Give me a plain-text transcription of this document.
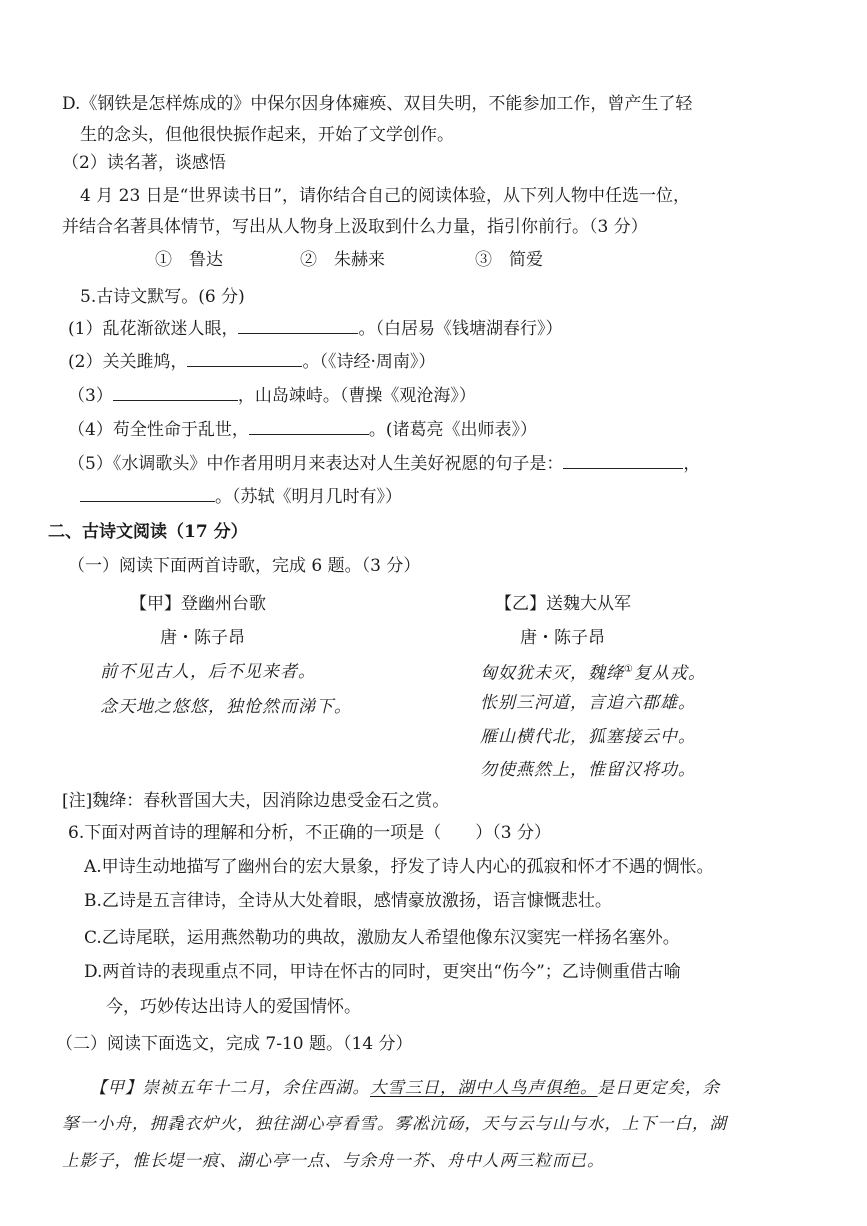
D.《钢铁是怎样炼成的》中保尔因身体瘫痪、双目失明，不能参加工作，曾产生了轻
生的念头，但他很快振作起来，开始了文学创作。
（2）读名著，谈感悟
4 月 23 日是“世界读书日”，请你结合自己的阅读体验，从下列人物中任选一位，
并结合名著具体情节，写出从人物身上汲取到什么力量，指引你前行。（3 分）
①　鲁达	②　朱赫来	③　简爱
5.古诗文默写。(6 分)
(1）乱花渐欲迷人眼，	。（白居易《钱塘湖春行》）
(2）关关雎鸠，	。（《诗经·周南》）
（3）	，山岛竦峙。（曹操《观沧海》）
（4）苟全性命于乱世，	。(诸葛亮《出师表》）
（5）《水调歌头》中作者用明月来表达对人生美好祝愿的句子是：	，
。（苏轼《明月几时有》）
二、古诗文阅读（17 分）
（一）阅读下面两首诗歌，完成 6 题。（3 分）
【甲】登幽州台歌
唐・陈子昂
前不见古人，后不见来者。
念天地之悠悠，独怆然而涕下。
【乙】送魏大从军
唐・陈子昂
匈奴犹未灭，魏绛①复从戎。
怅别三河道，言追六郡雄。
雁山横代北，狐塞接云中。
勿使燕然上，惟留汉将功。
[注]魏绛：春秋晋国大夫，因消除边患受金石之赏。
6.下面对两首诗的理解和分析，不正确的一项是（　　）（3 分）
A.甲诗生动地描写了幽州台的宏大景象，抒发了诗人内心的孤寂和怀才不遇的惆怅。
B.乙诗是五言律诗，全诗从大处着眼，感情豪放激扬，语言慷慨悲壮。
C.乙诗尾联，运用燕然勒功的典故，激励友人希望他像东汉窦宪一样扬名塞外。
D.两首诗的表现重点不同，甲诗在怀古的同时，更突出“伤今”；乙诗侧重借古喻
今，巧妙传达出诗人的爱国情怀。
（二）阅读下面选文，完成 7-10 题。（14 分）
【甲】崇祯五年十二月，余住西湖。大雪三日，湖中人鸟声俱绝。是日更定矣，余
拏一小舟，拥毳衣炉火，独往湖心亭看雪。雾凇沆砀，天与云与山与水，上下一白，湖
上影子，惟长堤一痕、湖心亭一点、与余舟一芥、舟中人两三粒而已。
